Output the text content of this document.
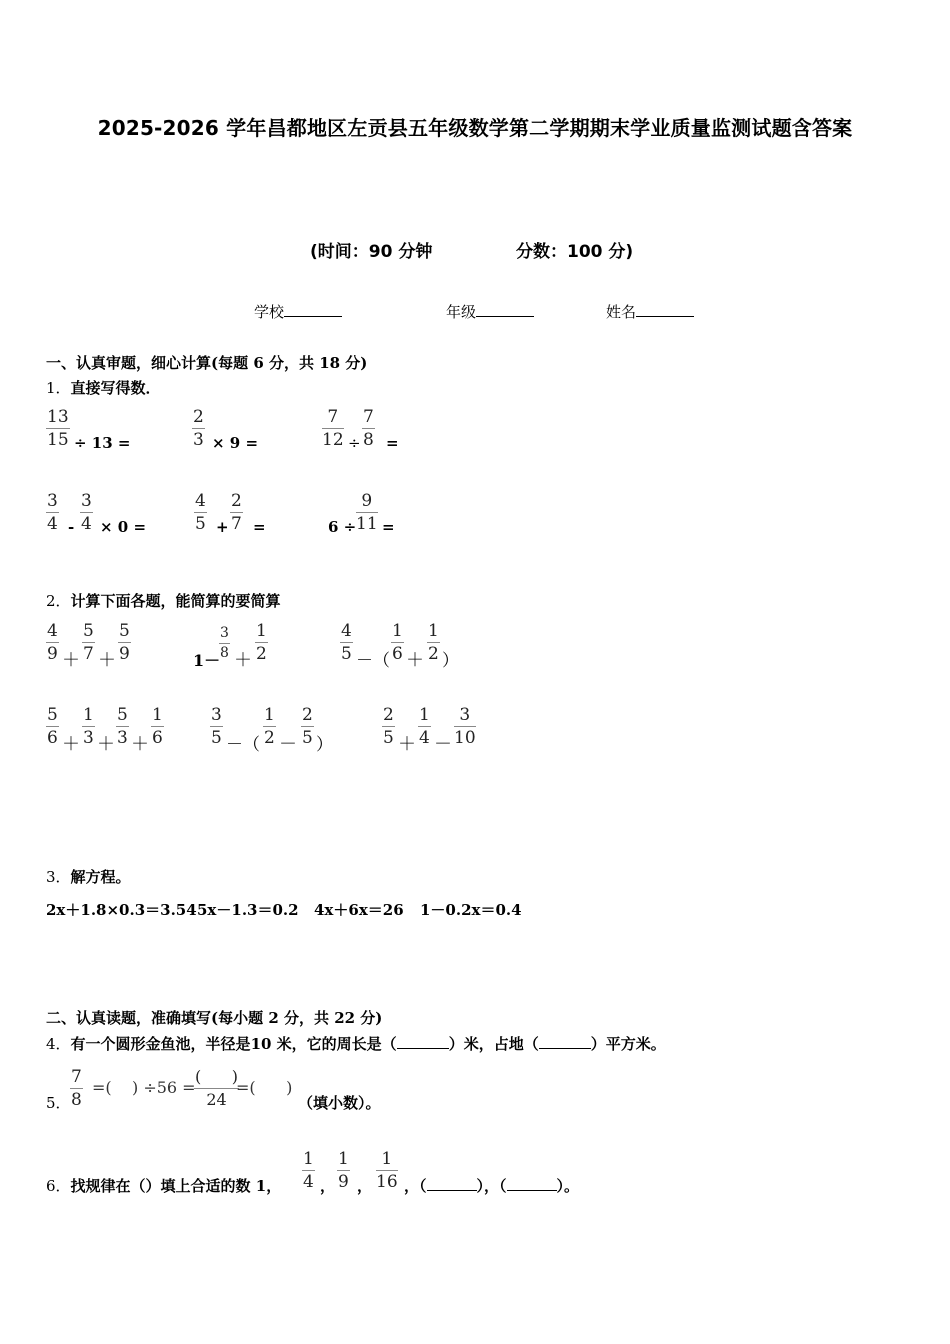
2025-2026 学年昌都地区左贡县五年级数学第二学期期末学业质量监测试题含答案
(时间：90 分钟	分数：100 分)
学校	年级	姓名
一、认真审题，细心计算(每题 6 分，共 18 分)
1．直接写得数．
13
15 ÷ 13 =
2
3 × 9 =
7
12 ÷
7
8 =
3
4 -
3
4 × 0 =
4
5 +
2
7 =	6 ÷
9
11 =
2．计算下面各题，能简算的要简算
4
9 ＋
5
7 ＋
5
9	1－
3
8 ＋
1
2
4
5 －（
1
6 ＋
1
2 ）
5
6 ＋
1
3 ＋
5
3 ＋
1
6
3
5 －（
1
2 －
2
5 ）
2
5 ＋
1
4 －
3
10
3．解方程。
2x＋1.8×0.3＝3.54 5x－1.3＝0.2 4x＋6x＝26 1－0.2x＝0.4
二、认真读题，准确填写(每小题 2 分，共 22 分)
4．有一个圆形金鱼池，半径是10 米，它的周长是（	）米，占地（	）平方米。
5．
7
8
=( ) ÷56 =
(      )
24
=(      )
（填小数）。
6．找规律在（）填上合适的数 1，
1
4 ，
1
9 ，
1
16 ，（	），（	）。
